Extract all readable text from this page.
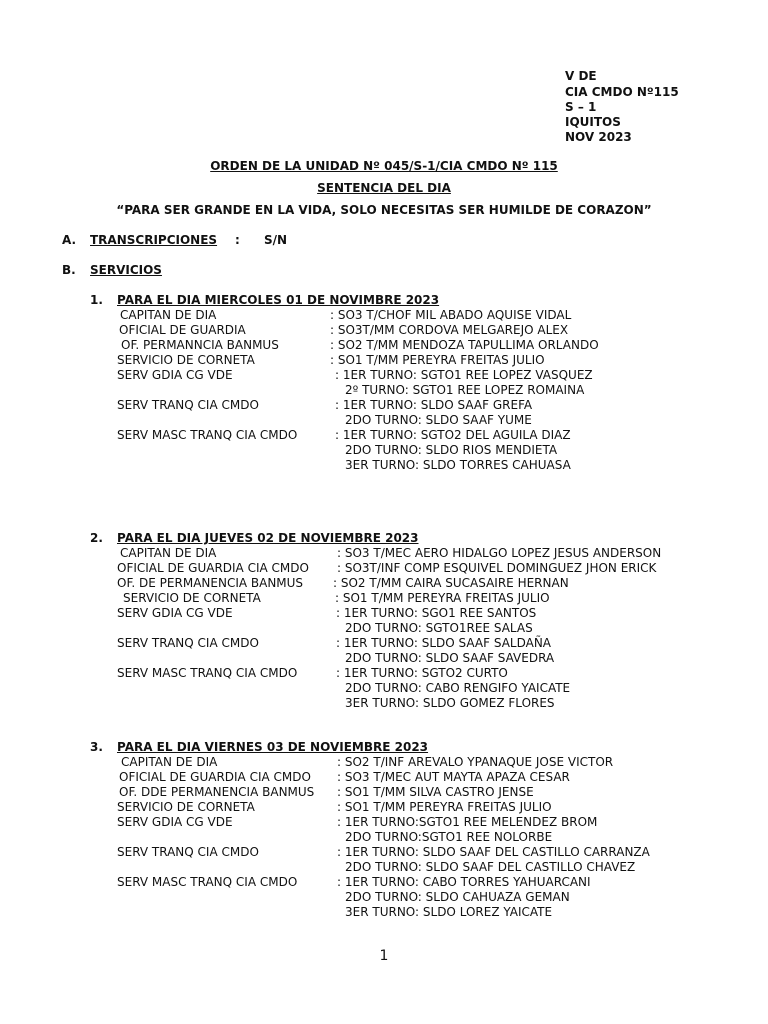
V DE
CIA CMDO Nº115
S – 1
IQUITOS
NOV 2023
ORDEN DE LA UNIDAD Nº 045/S-1/CIA CMDO Nº 115
SENTENCIA DEL DIA
“PARA SER GRANDE EN LA VIDA, SOLO NECESITAS SER HUMILDE DE CORAZON”
A. TRANSCRIPCIONES : S/N
B. SERVICIOS
1. PARA EL DIA MIERCOLES 01 DE NOVIMBRE 2023
CAPITAN DE DIA	: SO3 T/CHOF MIL ABADO AQUISE VIDAL
OFICIAL DE GUARDIA	: SO3T/MM CORDOVA MELGAREJO ALEX
OF. PERMANNCIA BANMUS	: SO2 T/MM MENDOZA TAPULLIMA ORLANDO
SERVICIO DE CORNETA	: SO1 T/MM PEREYRA FREITAS JULIO
SERV GDIA CG VDE	: 1ER TURNO: SGTO1 REE LOPEZ VASQUEZ
2º TURNO: SGTO1 REE LOPEZ ROMAINA
SERV TRANQ CIA CMDO	: 1ER TURNO: SLDO SAAF GREFA
2DO TURNO: SLDO SAAF YUME
SERV MASC TRANQ CIA CMDO	: 1ER TURNO: SGTO2 DEL AGUILA DIAZ
2DO TURNO: SLDO RIOS MENDIETA
3ER TURNO: SLDO TORRES CAHUASA
2. PARA EL DIA JUEVES 02 DE NOVIEMBRE 2023
CAPITAN DE DIA	: SO3 T/MEC AERO HIDALGO LOPEZ JESUS ANDERSON
OFICIAL DE GUARDIA CIA CMDO : SO3T/INF COMP ESQUIVEL DOMINGUEZ JHON ERICK
OF. DE PERMANENCIA BANMUS : SO2 T/MM CAIRA SUCASAIRE HERNAN
SERVICIO DE CORNETA	: SO1 T/MM PEREYRA FREITAS JULIO
SERV GDIA CG VDE	: 1ER TURNO: SGO1 REE SANTOS
2DO TURNO: SGTO1REE SALAS
SERV TRANQ CIA CMDO	: 1ER TURNO: SLDO SAAF SALDAÑA
2DO TURNO: SLDO SAAF SAVEDRA
SERV MASC TRANQ CIA CMDO	: 1ER TURNO: SGTO2 CURTO
2DO TURNO: CABO RENGIFO YAICATE
3ER TURNO: SLDO GOMEZ FLORES
3. PARA EL DIA VIERNES 03 DE NOVIEMBRE 2023
CAPITAN DE DIA	: SO2 T/INF AREVALO YPANAQUE JOSE VICTOR
OFICIAL DE GUARDIA CIA CMDO : SO3 T/MEC AUT MAYTA APAZA CESAR
OF. DDE PERMANENCIA BANMUS : SO1 T/MM SILVA CASTRO JENSE
SERVICIO DE CORNETA	: SO1 T/MM PEREYRA FREITAS JULIO
SERV GDIA CG VDE	: 1ER TURNO:SGTO1 REE MELENDEZ BROM
2DO TURNO:SGTO1 REE NOLORBE
SERV TRANQ CIA CMDO	: 1ER TURNO: SLDO SAAF DEL CASTILLO CARRANZA
2DO TURNO: SLDO SAAF DEL CASTILLO CHAVEZ
SERV MASC TRANQ CIA CMDO	: 1ER TURNO: CABO TORRES YAHUARCANI
2DO TURNO: SLDO CAHUAZA GEMAN
3ER TURNO: SLDO LOREZ YAICATE
1
